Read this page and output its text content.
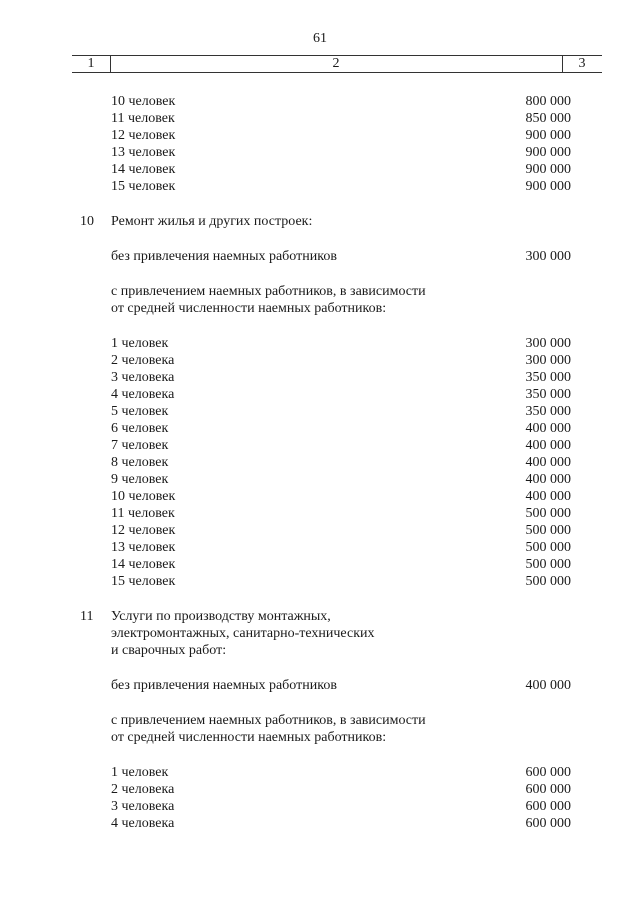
61
1	2	3
10 человек	800 000
11 человек	850 000
12 человек	900 000
13 человек	900 000
14 человек	900 000
15 человек	900 000
10 Ремонт жилья и других построек:
без привлечения наемных работников	300 000
с привлечением наемных работников, в зависимости
от средней численности наемных работников:
1 человек	300 000
2 человека	300 000
3 человека	350 000
4 человека	350 000
5 человек	350 000
6 человек	400 000
7 человек	400 000
8 человек	400 000
9 человек	400 000
10 человек	400 000
11 человек	500 000
12 человек	500 000
13 человек	500 000
14 человек	500 000
15 человек	500 000
11 Услуги по производству монтажных,
электромонтажных, санитарно-технических
и сварочных работ:
без привлечения наемных работников	400 000
с привлечением наемных работников, в зависимости
от средней численности наемных работников:
1 человек	600 000
2 человека	600 000
3 человека	600 000
4 человека	600 000
